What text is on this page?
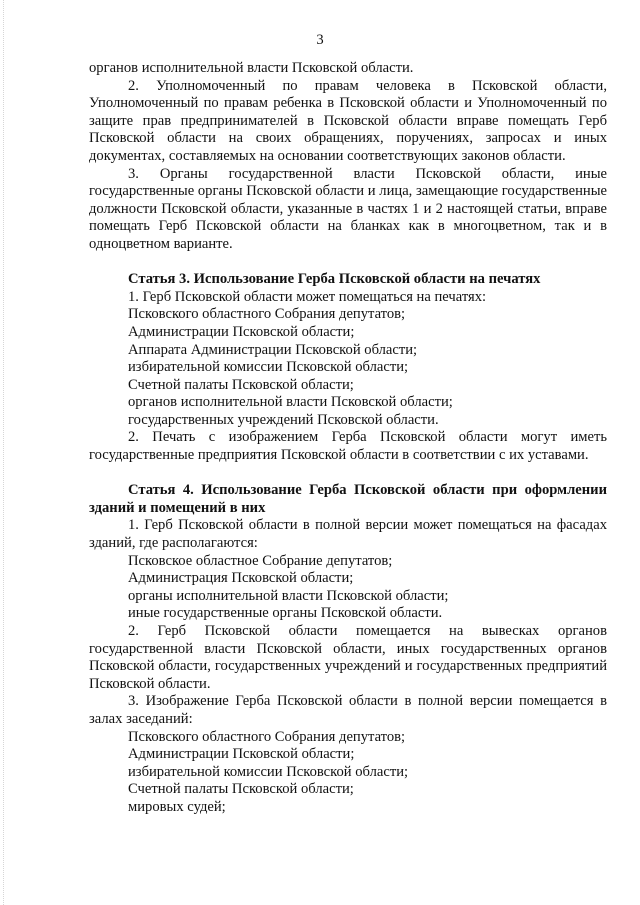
3

органов исполнительной власти Псковской области.

2. Уполномоченный по правам человека в Псковской области, Уполномоченный по правам ребенка в Псковской области и Уполномоченный по защите прав предпринимателей в Псковской области вправе помещать Герб Псковской области на своих обращениях, поручениях, запросах и иных документах, составляемых на основании соответствующих законов области.

3. Органы государственной власти Псковской области, иные государственные органы Псковской области и лица, замещающие государственные должности Псковской области, указанные в частях 1 и 2 настоящей статьи, вправе помещать Герб Псковской области на бланках как в многоцветном, так и в одноцветном варианте.

Статья 3. Использование Герба Псковской области на печатях

1. Герб Псковской области может помещаться на печатях:

Псковского областного Собрания депутатов;

Администрации Псковской области;

Аппарата Администрации Псковской области;

избирательной комиссии Псковской области;

Счетной палаты Псковской области;

органов исполнительной власти Псковской области;

государственных учреждений Псковской области.

2. Печать с изображением Герба Псковской области могут иметь государственные предприятия Псковской области в соответствии с их уставами.

Статья 4. Использование Герба Псковской области при оформлении зданий и помещений в них

1. Герб Псковской области в полной версии может помещаться на фасадах зданий, где располагаются:

Псковское областное Собрание депутатов;

Администрация Псковской области;

органы исполнительной власти Псковской области;

иные государственные органы Псковской области.

2. Герб Псковской области помещается на вывесках органов государственной власти Псковской области, иных государственных органов Псковской области, государственных учреждений и государственных предприятий Псковской области.

3. Изображение Герба Псковской области в полной версии помещается в залах заседаний:

Псковского областного Собрания депутатов;

Администрации Псковской области;

избирательной комиссии Псковской области;

Счетной палаты Псковской области;

мировых судей;
